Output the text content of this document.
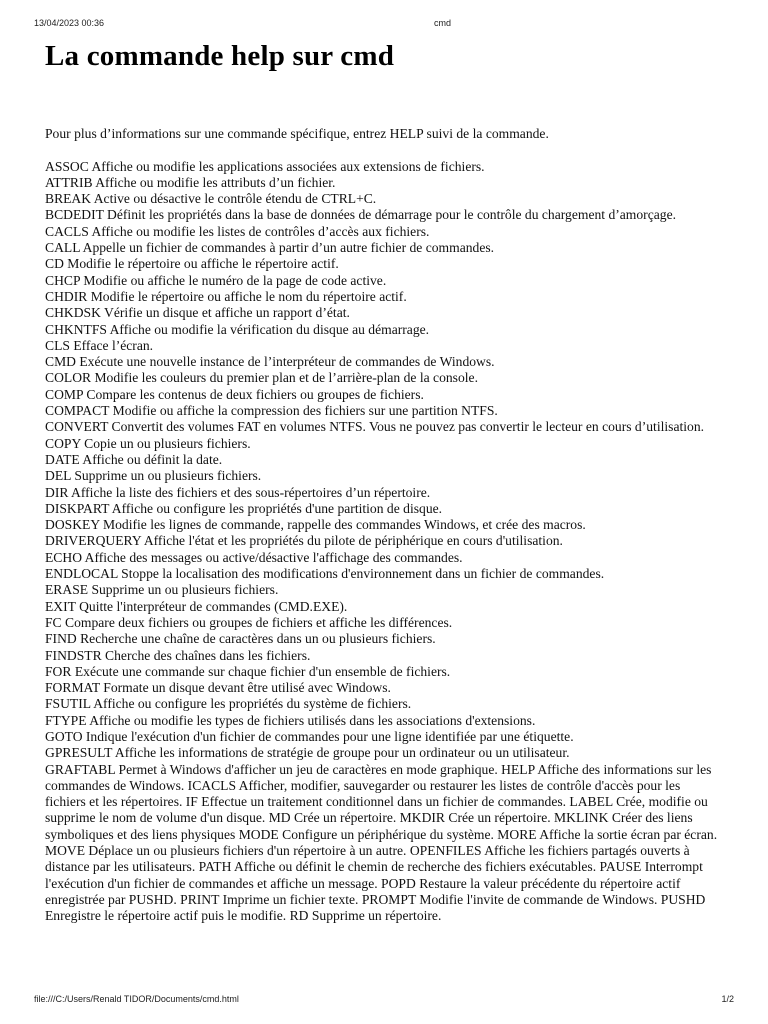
13/04/2023 00:36	cmd
La commande help sur cmd

Pour plus d’informations sur une commande spécifique, entrez HELP suivi de la commande.

ASSOC Affiche ou modifie les applications associées aux extensions de fichiers.
ATTRIB Affiche ou modifie les attributs d’un fichier.
BREAK Active ou désactive le contrôle étendu de CTRL+C.
BCDEDIT Définit les propriétés dans la base de données de démarrage pour le contrôle du chargement d’amorçage.
CACLS Affiche ou modifie les listes de contrôles d’accès aux fichiers.
CALL Appelle un fichier de commandes à partir d’un autre fichier de commandes.
CD Modifie le répertoire ou affiche le répertoire actif.
CHCP Modifie ou affiche le numéro de la page de code active.
CHDIR Modifie le répertoire ou affiche le nom du répertoire actif.
CHKDSK Vérifie un disque et affiche un rapport d’état.
CHKNTFS Affiche ou modifie la vérification du disque au démarrage.
CLS Efface l’écran.
CMD Exécute une nouvelle instance de l’interpréteur de commandes de Windows.
COLOR Modifie les couleurs du premier plan et de l’arrière-plan de la console.
COMP Compare les contenus de deux fichiers ou groupes de fichiers.
COMPACT Modifie ou affiche la compression des fichiers sur une partition NTFS.
CONVERT Convertit des volumes FAT en volumes NTFS. Vous ne pouvez pas convertir le lecteur en cours d’utilisation.
COPY Copie un ou plusieurs fichiers.
DATE Affiche ou définit la date.
DEL Supprime un ou plusieurs fichiers.
DIR Affiche la liste des fichiers et des sous-répertoires d’un répertoire.
DISKPART Affiche ou configure les propriétés d'une partition de disque.
DOSKEY Modifie les lignes de commande, rappelle des commandes Windows, et crée des macros.
DRIVERQUERY Affiche l'état et les propriétés du pilote de périphérique en cours d'utilisation.
ECHO Affiche des messages ou active/désactive l'affichage des commandes.
ENDLOCAL Stoppe la localisation des modifications d'environnement dans un fichier de commandes.
ERASE Supprime un ou plusieurs fichiers.
EXIT Quitte l'interpréteur de commandes (CMD.EXE).
FC Compare deux fichiers ou groupes de fichiers et affiche les différences.
FIND Recherche une chaîne de caractères dans un ou plusieurs fichiers.
FINDSTR Cherche des chaînes dans les fichiers.
FOR Exécute une commande sur chaque fichier d'un ensemble de fichiers.
FORMAT Formate un disque devant être utilisé avec Windows.
FSUTIL Affiche ou configure les propriétés du système de fichiers.
FTYPE Affiche ou modifie les types de fichiers utilisés dans les associations d'extensions.
GOTO Indique l'exécution d'un fichier de commandes pour une ligne identifiée par une étiquette.
GPRESULT Affiche les informations de stratégie de groupe pour un ordinateur ou un utilisateur.

GRAFTABL Permet à Windows d'afficher un jeu de caractères en mode graphique. HELP Affiche des informations sur les commandes de Windows. ICACLS Afficher, modifier, sauvegarder ou restaurer les listes de contrôle d'accès pour les fichiers et les répertoires. IF Effectue un traitement conditionnel dans un fichier de commandes. LABEL Crée, modifie ou supprime le nom de volume d'un disque. MD Crée un répertoire. MKDIR Crée un répertoire. MKLINK Créer des liens symboliques et des liens physiques MODE Configure un périphérique du système. MORE Affiche la sortie écran par écran. MOVE Déplace un ou plusieurs fichiers d'un répertoire à un autre. OPENFILES Affiche les fichiers partagés ouverts à distance par les utilisateurs. PATH Affiche ou définit le chemin de recherche des fichiers exécutables. PAUSE Interrompt l'exécution d'un fichier de commandes et affiche un message. POPD Restaure la valeur précédente du répertoire actif enregistrée par PUSHD. PRINT Imprime un fichier texte. PROMPT Modifie l'invite de commande de Windows. PUSHD Enregistre le répertoire actif puis le modifie. RD Supprime un répertoire.

file:///C:/Users/Renald TIDOR/Documents/cmd.html	1/2
